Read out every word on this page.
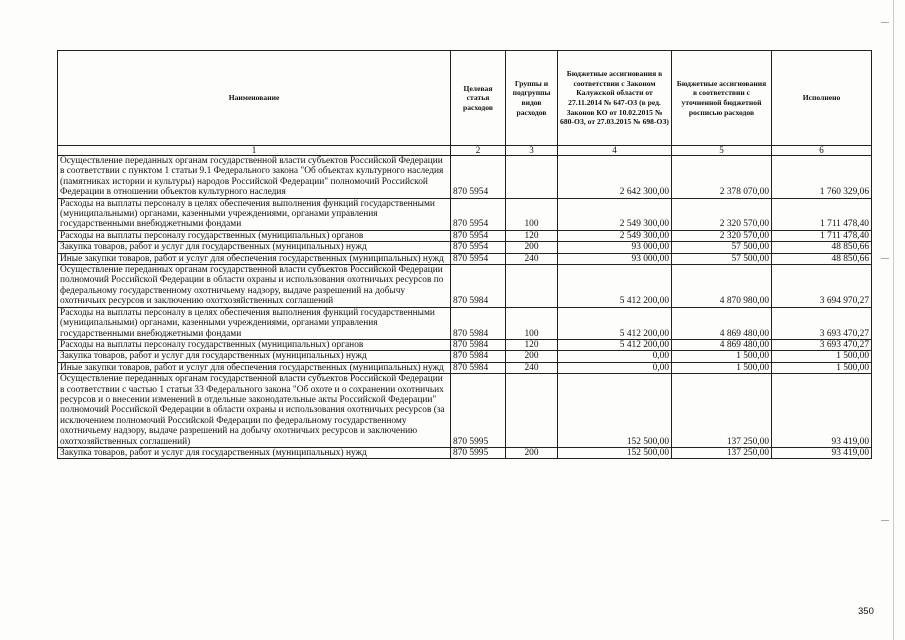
Наименование	Целевая статья расходов	Группы и подгруппы видов расходов	Бюджетные ассигнования в соответствии с Законом Калужской области от 27.11.2014 № 647-ОЗ (в ред. Законов КО от 10.02.2015 № 680-ОЗ, от 27.03.2015 № 698-ОЗ)	Бюджетные ассигнования в соответствии с уточненной бюджетной росписью расходов	Исполнено
1	2	3	4	5	6
Осуществление переданных органам государственной власти субъектов Российской Федерации в соответствии с пунктом 1 статьи 9.1 Федерального закона "Об объектах культурного наследия (памятниках истории и культуры) народов Российской Федерации" полномочий Российской Федерации в отношении объектов культурного наследия	870 5954		2 642 300,00	2 378 070,00	1 760 329,06
Расходы на выплаты персоналу в целях обеспечения выполнения функций государственными (муниципальными) органами, казенными учреждениями, органами управления государственными внебюджетными фондами	870 5954	100	2 549 300,00	2 320 570,00	1 711 478,40
Расходы на выплаты персоналу государственных (муниципальных) органов	870 5954	120	2 549 300,00	2 320 570,00	1 711 478,40
Закупка товаров, работ и услуг для государственных (муниципальных) нужд	870 5954	200	93 000,00	57 500,00	48 850,66
Иные закупки товаров, работ и услуг для обеспечения государственных (муниципальных) нужд	870 5954	240	93 000,00	57 500,00	48 850,66
Осуществление переданных органам государственной власти субъектов Российской Федерации полномочий Российской Федерации в области охраны и использования охотничьих ресурсов по федеральному государственному охотничьему надзору, выдаче разрешений на добычу охотничьих ресурсов и заключению охотхозяйственных соглашений	870 5984		5 412 200,00	4 870 980,00	3 694 970,27
Расходы на выплаты персоналу в целях обеспечения выполнения функций государственными (муниципальными) органами, казенными учреждениями, органами управления государственными внебюджетными фондами	870 5984	100	5 412 200,00	4 869 480,00	3 693 470,27
Расходы на выплаты персоналу государственных (муниципальных) органов	870 5984	120	5 412 200,00	4 869 480,00	3 693 470,27
Закупка товаров, работ и услуг для государственных (муниципальных) нужд	870 5984	200	0,00	1 500,00	1 500,00
Иные закупки товаров, работ и услуг для обеспечения государственных (муниципальных) нужд	870 5984	240	0,00	1 500,00	1 500,00
Осуществление переданных органам государственной власти субъектов Российской Федерации в соответствии с частью 1 статьи 33 Федерального закона "Об охоте и о сохранении охотничьих ресурсов и о внесении изменений в отдельные законодательные акты Российской Федерации" полномочий Российской Федерации в области охраны и использования охотничьих ресурсов (за исключением полномочий Российской Федерации по федеральному государственному охотничьему надзору, выдаче разрешений на добычу охотничьих ресурсов и заключению охотхозяйственных соглашений)	870 5995		152 500,00	137 250,00	93 419,00
Закупка товаров, работ и услуг для государственных (муниципальных) нужд	870 5995	200	152 500,00	137 250,00	93 419,00
350
